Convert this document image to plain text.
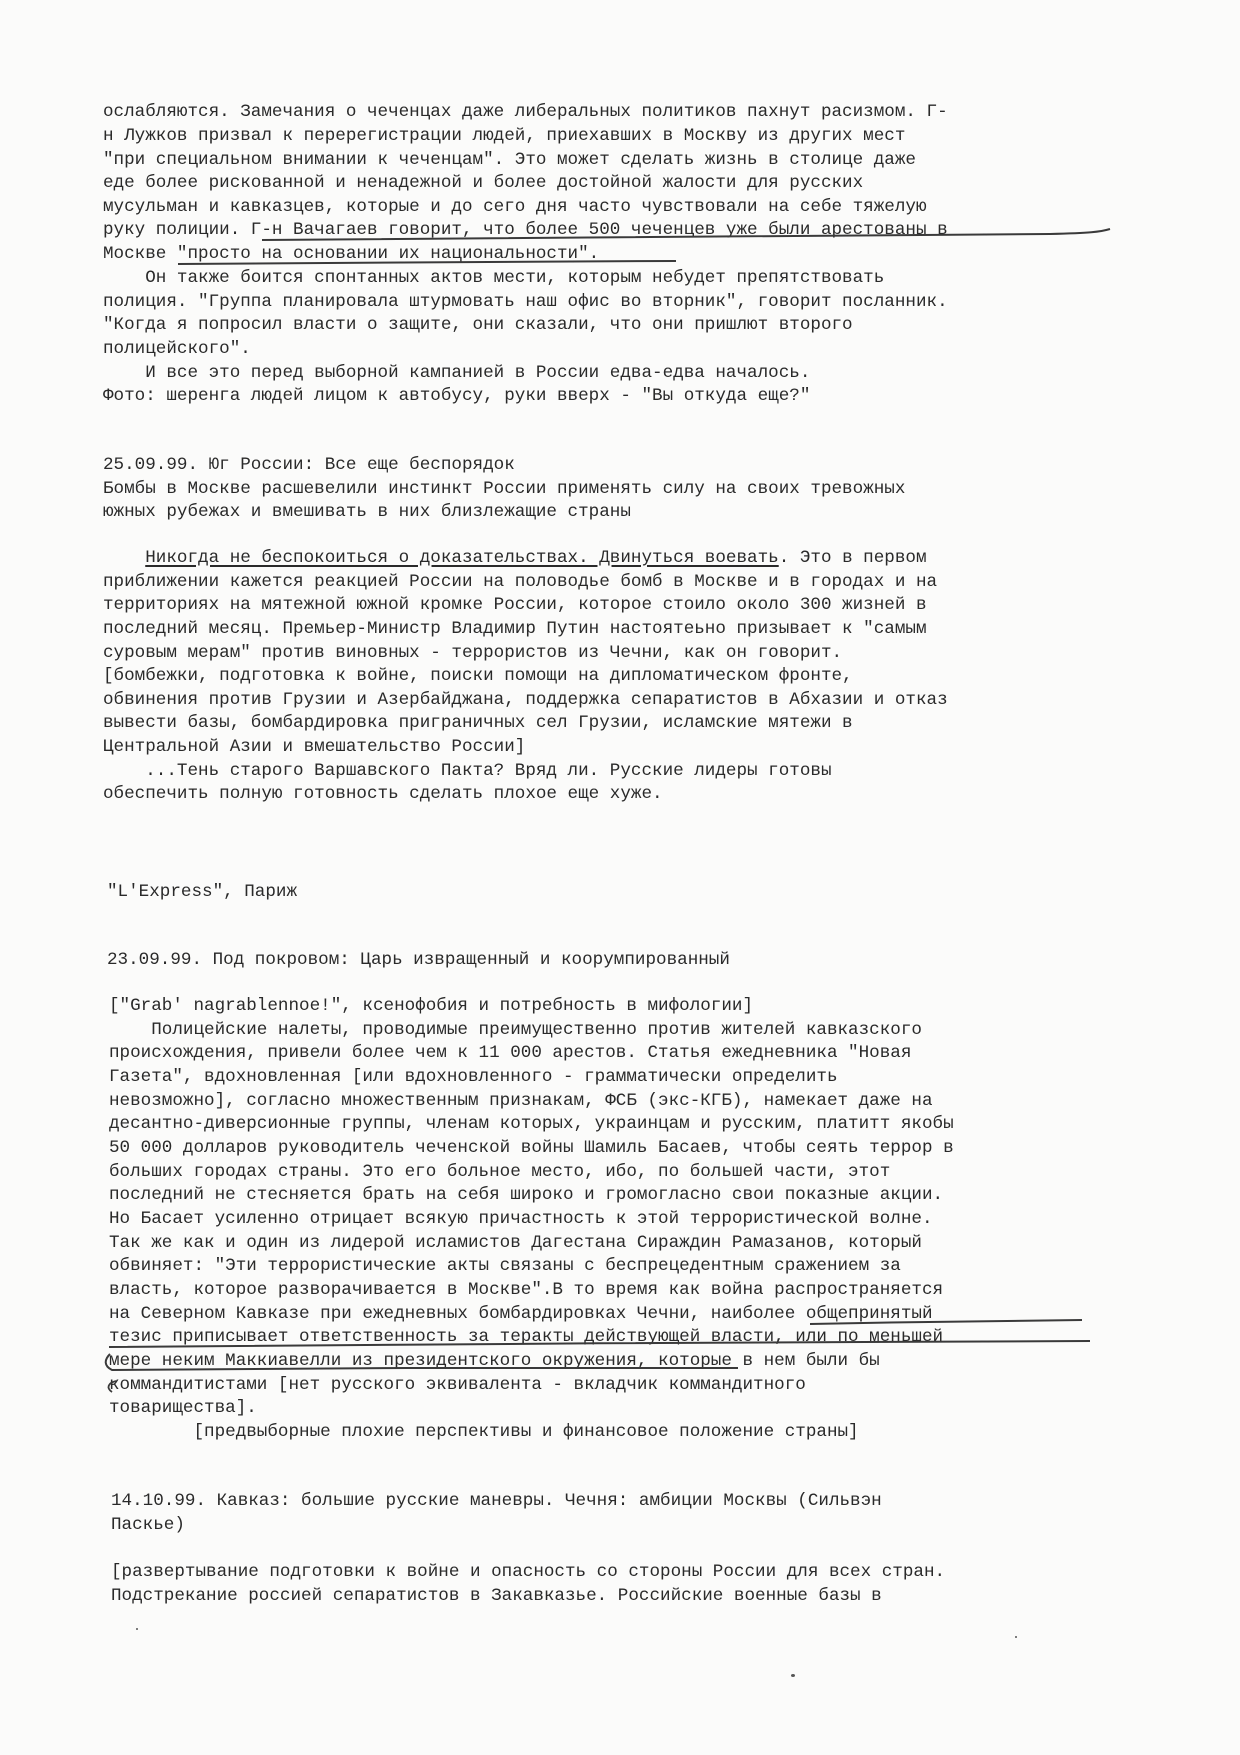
ослабляются. Замечания о чеченцах даже либеральных политиков пахнут расизмом. Г-
н Лужков призвал к перерегистрации людей, приехавших в Москву из других мест
"при специальном внимании к чеченцам". Это может сделать жизнь в столице даже
еде более рискованной и ненадежной и более достойной жалости для русских
мусульман и кавказцев, которые и до сего дня часто чувствовали на себе тяжелую
руку полиции. Г-н Вачагаев говорит, что более 500 чеченцев уже были арестованы в
Москве "просто на основании их национальности".
Он также боится спонтанных актов мести, которым небудет препятствовать
полиция. "Группа планировала штурмовать наш офис во вторник", говорит посланник.
"Когда я попросил власти о защите, они сказали, что они пришлют второго
полицейского".
И все это перед выборной кампанией в России едва-едва началось.
Фото: шеренга людей лицом к автобусу, руки вверх - "Вы откуда еще?"
25.09.99. Юг России: Все еще беспорядок
Бомбы в Москве расшевелили инстинкт России применять силу на своих тревожных
южных рубежах и вмешивать в них близлежащие страны
Никогда не беспокоиться о доказательствах. Двинуться воевать. Это в первом
приближении кажется реакцией России на половодье бомб в Москве и в городах и на
территориях на мятежной южной кромке России, которое стоило около 300 жизней в
последний месяц. Премьер-Министр Владимир Путин настоятеьно призывает к "самым
суровым мерам" против виновных - террористов из Чечни, как он говорит.
[бомбежки, подготовка к войне, поиски помощи на дипломатическом фронте,
обвинения против Грузии и Азербайджана, поддержка сепаратистов в Абхазии и отказ
вывести базы, бомбардировка приграничных сел Грузии, исламские мятежи в
Центральной Азии и вмешательство России]
...Тень старого Варшавского Пакта? Вряд ли. Русские лидеры готовы
обеспечить полную готовность сделать плохое еще хуже.
"L'Express", Париж
23.09.99. Под покровом: Царь извращенный и коорумпированный
["Grab' nagrablennoe!", ксенофобия и потребность в мифологии]
Полицейские налеты, проводимые преимущественно против жителей кавказского
происхождения, привели более чем к 11 000 арестов. Статья ежедневника "Новая
Газета", вдохновленная [или вдохновленного - грамматически определить
невозможно], согласно множественным признакам, ФСБ (экс-КГБ), намекает даже на
десантно-диверсионные группы, членам которых, украинцам и русским, платитт якобы
50 000 долларов руководитель чеченской войны Шамиль Басаев, чтобы сеять террор в
больших городах страны. Это его больное место, ибо, по большей части, этот
последний не стесняется брать на себя широко и громогласно свои показные акции.
Но Басает усиленно отрицает всякую причастность к этой террористической волне.
Так же как и один из лидерой исламистов Дагестана Сираждин Рамазанов, который
обвиняет: "Эти террористические акты связаны с беспрецедентным сражением за
власть, которое разворачивается в Москве".В то время как война распространяется
на Северном Кавказе при ежедневных бомбардировках Чечни, наиболее общепринятый
тезис приписывает ответственность за теракты действующей власти, или по меньшей
мере неким Маккиавелли из президентского окружения, которые в нем были бы
коммандитистами [нет русского эквивалента - вкладчик коммандитного
товарищества].
[предвыборные плохие перспективы и финансовое положение страны]
14.10.99. Кавказ: большие русские маневры. Чечня: амбиции Москвы (Сильвэн
Паскье)
[развертывание подготовки к войне и опасность со стороны России для всех стран.
Подстрекание россией сепаратистов в Закавказье. Российские военные базы в
